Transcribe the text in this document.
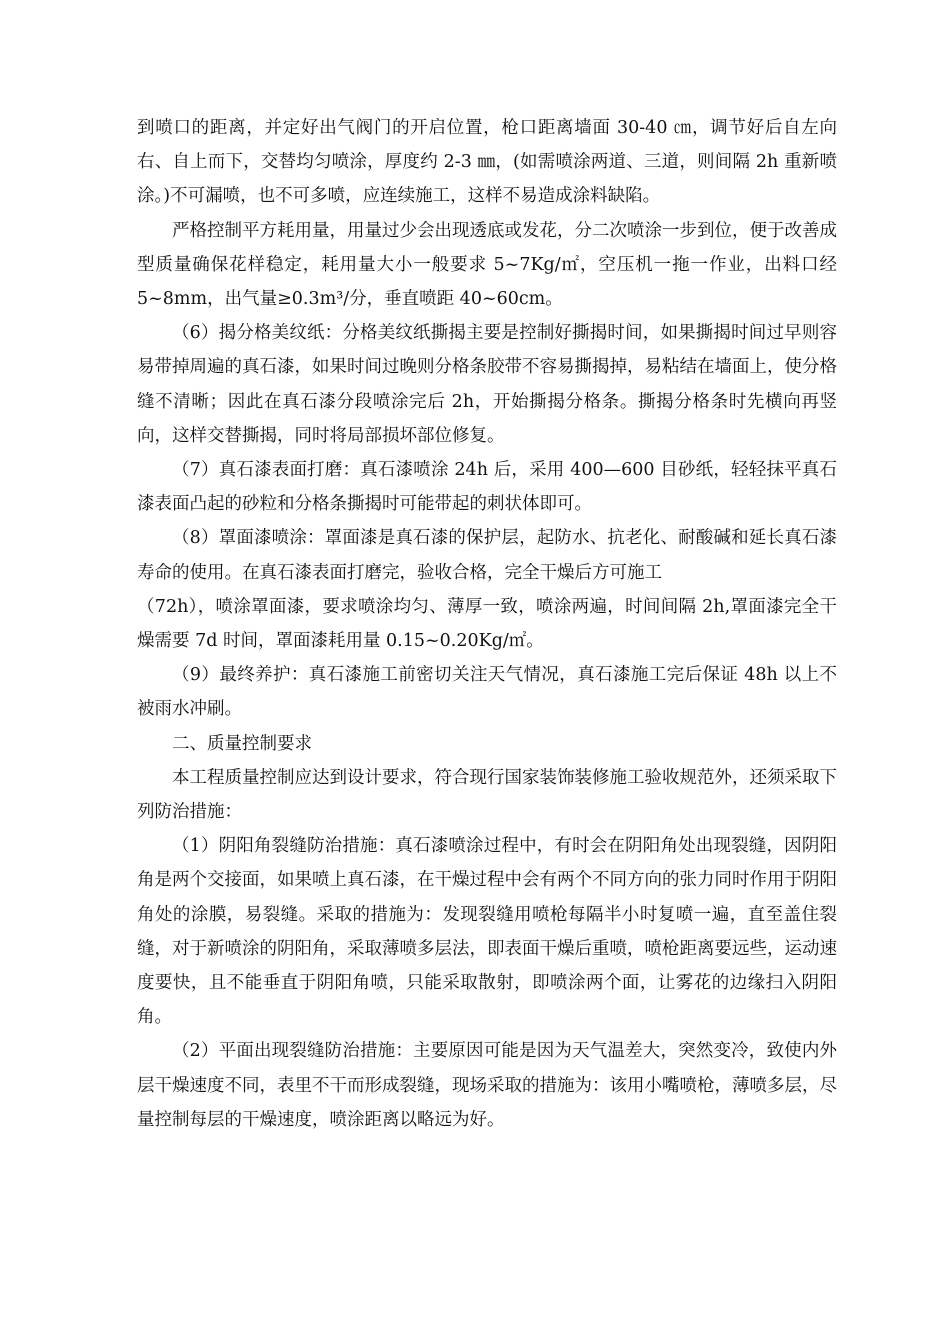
到喷口的距离，并定好出气阀门的开启位置，枪口距离墙面 30-40 ㎝，调节好后自左向右、自上而下，交替均匀喷涂，厚度约 2-3 ㎜，(如需喷涂两道、三道，则间隔 2h 重新喷涂。)不可漏喷，也不可多喷，应连续施工，这样不易造成涂料缺陷。

严格控制平方耗用量，用量过少会出现透底或发花，分二次喷涂一步到位，便于改善成型质量确保花样稳定，耗用量大小一般要求 5~7Kg/㎡，空压机一拖一作业，出料口经 5~8mm，出气量≥0.3m³/分，垂直喷距 40~60cm。

（6）揭分格美纹纸：分格美纹纸撕揭主要是控制好撕揭时间，如果撕揭时间过早则容易带掉周遍的真石漆，如果时间过晚则分格条胶带不容易撕揭掉，易粘结在墙面上，使分格缝不清晰；因此在真石漆分段喷涂完后 2h，开始撕揭分格条。撕揭分格条时先横向再竖向，这样交替撕揭，同时将局部损坏部位修复。

（7）真石漆表面打磨：真石漆喷涂 24h 后，采用 400—600 目砂纸，轻轻抹平真石漆表面凸起的砂粒和分格条撕揭时可能带起的刺状体即可。

（8）罩面漆喷涂：罩面漆是真石漆的保护层，起防水、抗老化、耐酸碱和延长真石漆寿命的使用。在真石漆表面打磨完，验收合格，完全干燥后方可施工
（72h），喷涂罩面漆，要求喷涂均匀、薄厚一致，喷涂两遍，时间间隔 2h,罩面漆完全干燥需要 7d 时间，罩面漆耗用量 0.15~0.20Kg/㎡。

（9）最终养护：真石漆施工前密切关注天气情况，真石漆施工完后保证 48h 以上不被雨水冲刷。

二、质量控制要求

本工程质量控制应达到设计要求，符合现行国家装饰装修施工验收规范外，还须采取下列防治措施：

（1）阴阳角裂缝防治措施：真石漆喷涂过程中，有时会在阴阳角处出现裂缝，因阴阳角是两个交接面，如果喷上真石漆，在干燥过程中会有两个不同方向的张力同时作用于阴阳角处的涂膜，易裂缝。采取的措施为：发现裂缝用喷枪每隔半小时复喷一遍，直至盖住裂缝，对于新喷涂的阴阳角，采取薄喷多层法，即表面干燥后重喷，喷枪距离要远些，运动速度要快，且不能垂直于阴阳角喷，只能采取散射，即喷涂两个面，让雾花的边缘扫入阴阳角。

（2）平面出现裂缝防治措施：主要原因可能是因为天气温差大，突然变冷，致使内外层干燥速度不同，表里不干而形成裂缝，现场采取的措施为：该用小嘴喷枪，薄喷多层，尽量控制每层的干燥速度，喷涂距离以略远为好。
